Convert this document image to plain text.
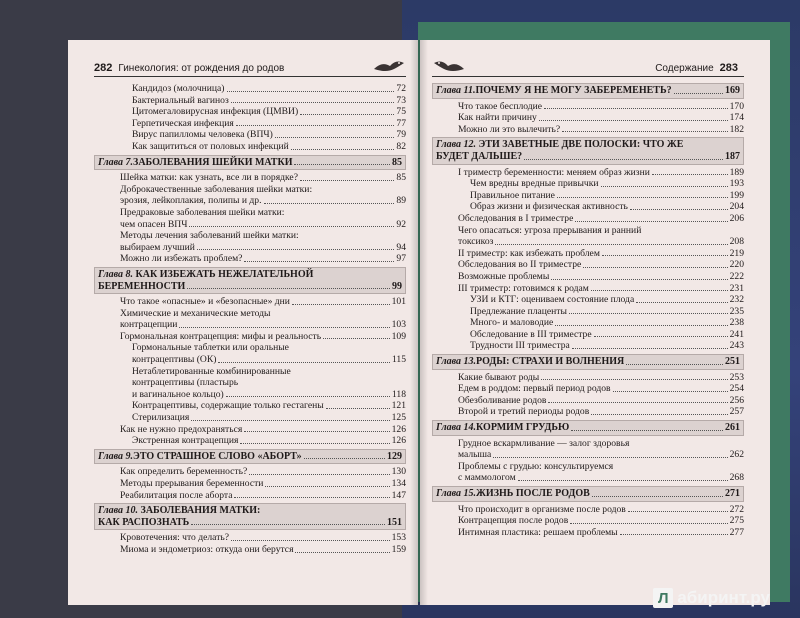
282 Гинекология: от рождения до родов
Кандидоз (молочница)	72
Бактериальный вагиноз	73
Цитомегаловирусная инфекция (ЦМВИ)	75
Герпетическая инфекция	77
Вирус папилломы человека (ВПЧ)	79
Как защититься от половых инфекций	82
Глава 7. ЗАБОЛЕВАНИЯ ШЕЙКИ МАТКИ	85
Шейка матки: как узнать, все ли в порядке?	85
Доброкачественные заболевания шейки матки:
эрозия, лейкоплакия, полипы и др.	89
Предраковые заболевания шейки матки:
чем опасен ВПЧ	92
Методы лечения заболеваний шейки матки:
выбираем лучший	94
Можно ли избежать проблем?	97
Глава 8. КАК ИЗБЕЖАТЬ НЕЖЕЛАТЕЛЬНОЙ
БЕРЕМЕННОСТИ	99
Что такое «опасные» и «безопасные» дни	101
Химические и механические методы
контрацепции	103
Гормональная контрацепция: мифы и реальность	109
Гормональные таблетки или оральные
контрацептивы (ОК)	115
Нетаблетированные комбинированные
контрацептивы (пластырь
и вагинальное кольцо)	118
Контрацептивы, содержащие только гестагены	121
Стерилизация	125
Как не нужно предохраняться	126
Экстренная контрацепция	126
Глава 9. ЭТО СТРАШНОЕ СЛОВО «АБОРТ»	129
Как определить беременность?	130
Методы прерывания беременности	134
Реабилитация после аборта	147
Глава 10. ЗАБОЛЕВАНИЯ МАТКИ:
КАК РАСПОЗНАТЬ	151
Кровотечения: что делать?	153
Миома и эндометриоз: откуда они берутся	159
Содержание 283
Глава 11. ПОЧЕМУ Я НЕ МОГУ ЗАБЕРЕМЕНЕТЬ?	169
Что такое бесплодие	170
Как найти причину	174
Можно ли это вылечить?	182
Глава 12. ЭТИ ЗАВЕТНЫЕ ДВЕ ПОЛОСКИ: ЧТО ЖЕ
БУДЕТ ДАЛЬШЕ?	187
I триместр беременности: меняем образ жизни	189
Чем вредны вредные привычки	193
Правильное питание	199
Образ жизни и физическая активность	204
Обследования в I триместре	206
Чего опасаться: угроза прерывания и ранний
токсикоз	208
II триместр: как избежать проблем	219
Обследования во II триместре	220
Возможные проблемы	222
III триместр: готовимся к родам	231
УЗИ и КТГ: оцениваем состояние плода	232
Предлежание плаценты	235
Много- и маловодие	238
Обследование в III триместре	241
Трудности III триместра	243
Глава 13. РОДЫ: СТРАХИ И ВОЛНЕНИЯ	251
Какие бывают роды	253
Едем в роддом: первый период родов	254
Обезболивание родов	256
Второй и третий периоды родов	257
Глава 14. КОРМИМ ГРУДЬЮ	261
Грудное вскармливание — залог здоровья
малыша	262
Проблемы с грудью: консультируемся
с маммологом	268
Глава 15. ЖИЗНЬ ПОСЛЕ РОДОВ	271
Что происходит в организме после родов	272
Контрацепция после родов	275
Интимная пластика: решаем проблемы	277
Л абиринт.ру
